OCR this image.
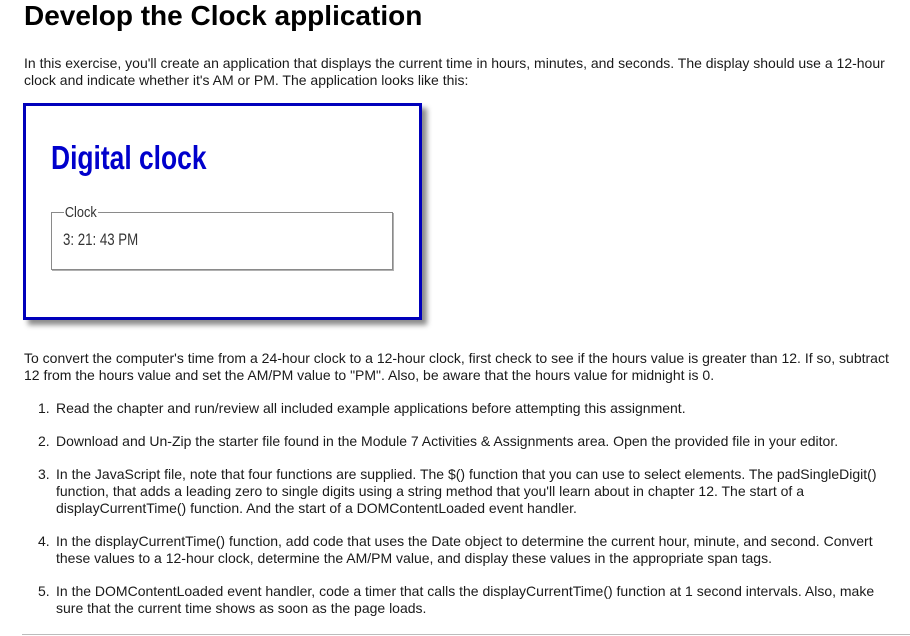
Develop the Clock application

In this exercise, you'll create an application that displays the current time in hours, minutes, and seconds. The display should use a 12-hour clock and indicate whether it's AM or PM. The application looks like this:

Digital clock
Clock
3: 21: 43 PM

To convert the computer's time from a 24-hour clock to a 12-hour clock, first check to see if the hours value is greater than 12. If so, subtract 12 from the hours value and set the AM/PM value to "PM". Also, be aware that the hours value for midnight is 0.

1. Read the chapter and run/review all included example applications before attempting this assignment.
2. Download and Un-Zip the starter file found in the Module 7 Activities & Assignments area. Open the provided file in your editor.
3. In the JavaScript file, note that four functions are supplied. The $() function that you can use to select elements. The padSingleDigit() function, that adds a leading zero to single digits using a string method that you'll learn about in chapter 12. The start of a displayCurrentTime() function. And the start of a DOMContentLoaded event handler.
4. In the displayCurrentTime() function, add code that uses the Date object to determine the current hour, minute, and second. Convert these values to a 12-hour clock, determine the AM/PM value, and display these values in the appropriate span tags.
5. In the DOMContentLoaded event handler, code a timer that calls the displayCurrentTime() function at 1 second intervals. Also, make sure that the current time shows as soon as the page loads.
